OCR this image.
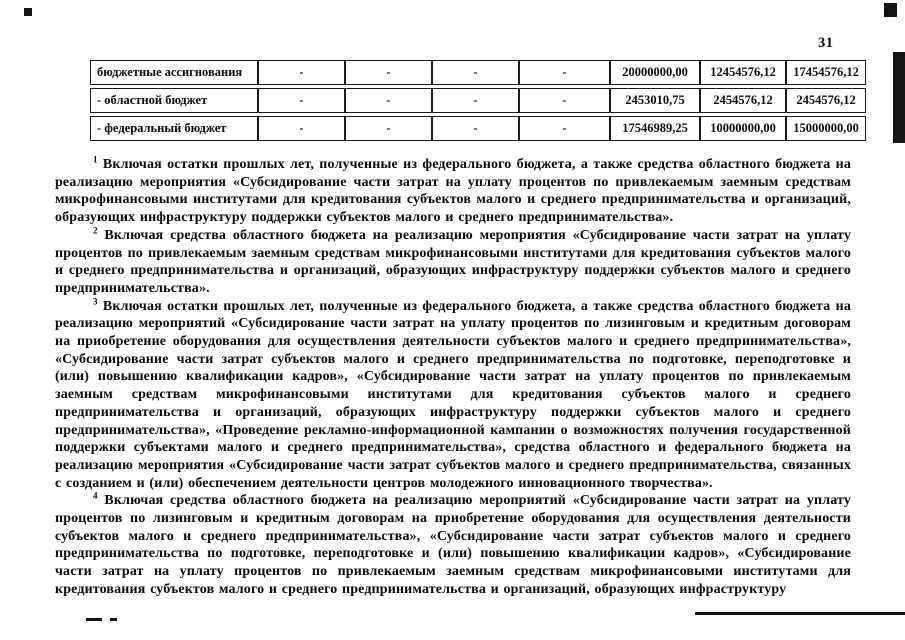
31
бюджетные ассигнования	-	-	-	-	20000000,00	12454576,12	17454576,12
- областной бюджет	-	-	-	-	2453010,75	2454576,12	2454576,12
- федеральный бюджет	-	-	-	-	17546989,25	10000000,00	15000000,00

$^1$ Включая остатки прошлых лет, полученные из федерального бюджета, а также средства областного бюджета на реализацию мероприятия «Субсидирование части затрат на уплату процентов по привлекаемым заемным средствам микрофинансовыми институтами для кредитования субъектов малого и среднего предпринимательства и организаций, образующих инфраструктуру поддержки субъектов малого и среднего предпринимательства».

$^2$ Включая средства областного бюджета на реализацию мероприятия «Субсидирование части затрат на уплату процентов по привлекаемым заемным средствам микрофинансовыми институтами для кредитования субъектов малого и среднего предпринимательства и организаций, образующих инфраструктуру поддержки субъектов малого и среднего предпринимательства».

$^3$ Включая остатки прошлых лет, полученные из федерального бюджета, а также средства областного бюджета на реализацию мероприятий «Субсидирование части затрат на уплату процентов по лизинговым и кредитным договорам на приобретение оборудования для осуществления деятельности субъектов малого и среднего предпринимательства», «Субсидирование части затрат субъектов малого и среднего предпринимательства по подготовке, переподготовке и (или) повышению квалификации кадров», «Субсидирование части затрат на уплату процентов по привлекаемым заемным средствам микрофинансовыми институтами для кредитования субъектов малого и среднего предпринимательства и организаций, образующих инфраструктуру поддержки субъектов малого и среднего предпринимательства», «Проведение рекламно-информационной кампании о возможностях получения государственной поддержки субъектами малого и среднего предпринимательства», средства областного и федерального бюджета на реализацию мероприятия «Субсидирование части затрат субъектов малого и среднего предпринимательства, связанных с созданием и (или) обеспечением деятельности центров молодежного инновационного творчества».

$^4$ Включая средства областного бюджета на реализацию мероприятий «Субсидирование части затрат на уплату процентов по лизинговым и кредитным договорам на приобретение оборудования для осуществления деятельности субъектов малого и среднего предпринимательства», «Субсидирование части затрат субъектов малого и среднего предпринимательства по подготовке, переподготовке и (или) повышению квалификации кадров», «Субсидирование части затрат на уплату процентов по привлекаемым заемным средствам микрофинансовыми институтами для кредитования субъектов малого и среднего предпринимательства и организаций, образующих инфраструктуру
